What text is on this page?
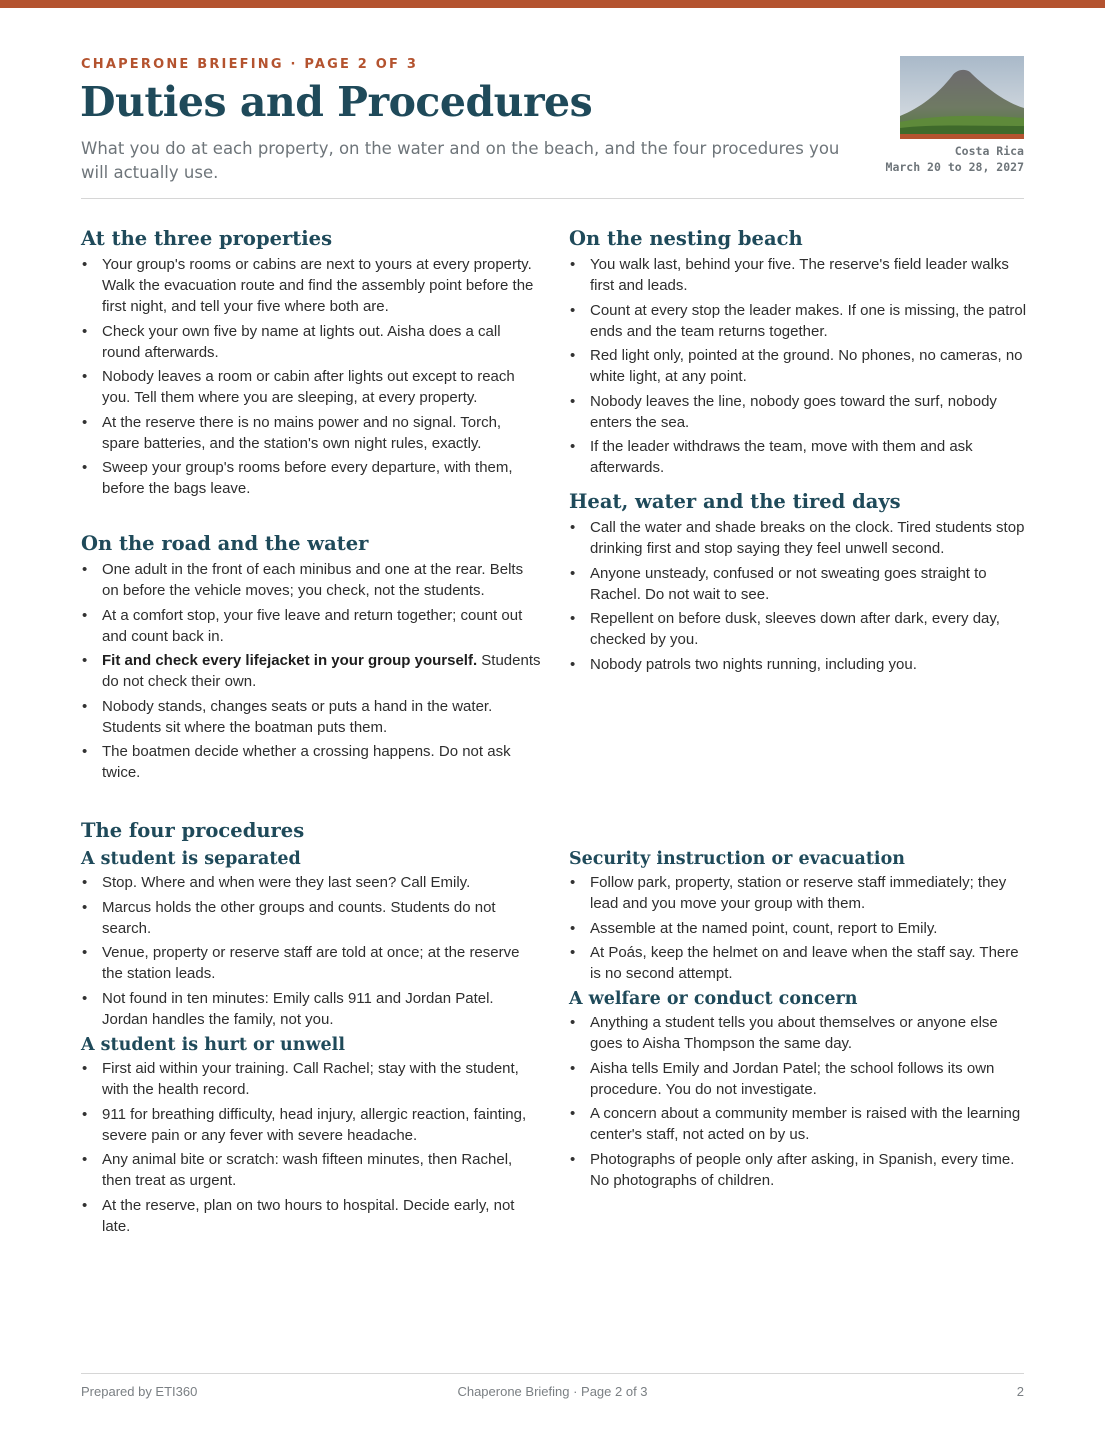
CHAPERONE BRIEFING · PAGE 2 OF 3
Duties and Procedures

What you do at each property, on the water and on the beach, and the four procedures you will actually use.

Costa Rica
March 20 to 28, 2027
At the three properties
• Your group's rooms or cabins are next to yours at every property. Walk the evacuation route and find the assembly point before the first night, and tell your five where both are.
• Check your own five by name at lights out. Aisha does a call round afterwards.
• Nobody leaves a room or cabin after lights out except to reach you. Tell them where you are sleeping, at every property.
• At the reserve there is no mains power and no signal. Torch, spare batteries, and the station's own night rules, exactly.
• Sweep your group's rooms before every departure, with them, before the bags leave.
On the road and the water
• One adult in the front of each minibus and one at the rear. Belts on before the vehicle moves; you check, not the students.
• At a comfort stop, your five leave and return together; count out and count back in.
• Fit and check every lifejacket in your group yourself. Students do not check their own.
• Nobody stands, changes seats or puts a hand in the water. Students sit where the boatman puts them.
• The boatmen decide whether a crossing happens. Do not ask twice.
On the nesting beach
• You walk last, behind your five. The reserve's field leader walks first and leads.
• Count at every stop the leader makes. If one is missing, the patrol ends and the team returns together.
• Red light only, pointed at the ground. No phones, no cameras, no white light, at any point.
• Nobody leaves the line, nobody goes toward the surf, nobody enters the sea.
• If the leader withdraws the team, move with them and ask afterwards.
Heat, water and the tired days
• Call the water and shade breaks on the clock. Tired students stop drinking first and stop saying they feel unwell second.
• Anyone unsteady, confused or not sweating goes straight to Rachel. Do not wait to see.
• Repellent on before dusk, sleeves down after dark, every day, checked by you.
• Nobody patrols two nights running, including you.
The four procedures
A student is separated
• Stop. Where and when were they last seen? Call Emily.
• Marcus holds the other groups and counts. Students do not search.
• Venue, property or reserve staff are told at once; at the reserve the station leads.
• Not found in ten minutes: Emily calls 911 and Jordan Patel. Jordan handles the family, not you.
A student is hurt or unwell
• First aid within your training. Call Rachel; stay with the student, with the health record.
• 911 for breathing difficulty, head injury, allergic reaction, fainting, severe pain or any fever with severe headache.
• Any animal bite or scratch: wash fifteen minutes, then Rachel, then treat as urgent.
• At the reserve, plan on two hours to hospital. Decide early, not late.
Security instruction or evacuation
• Follow park, property, station or reserve staff immediately; they lead and you move your group with them.
• Assemble at the named point, count, report to Emily.
• At Poás, keep the helmet on and leave when the staff say. There is no second attempt.
A welfare or conduct concern
• Anything a student tells you about themselves or anyone else goes to Aisha Thompson the same day.
• Aisha tells Emily and Jordan Patel; the school follows its own procedure. You do not investigate.
• A concern about a community member is raised with the learning center's staff, not acted on by us.
• Photographs of people only after asking, in Spanish, every time. No photographs of children.
Prepared by ETI360	Chaperone Briefing · Page 2 of 3	2
